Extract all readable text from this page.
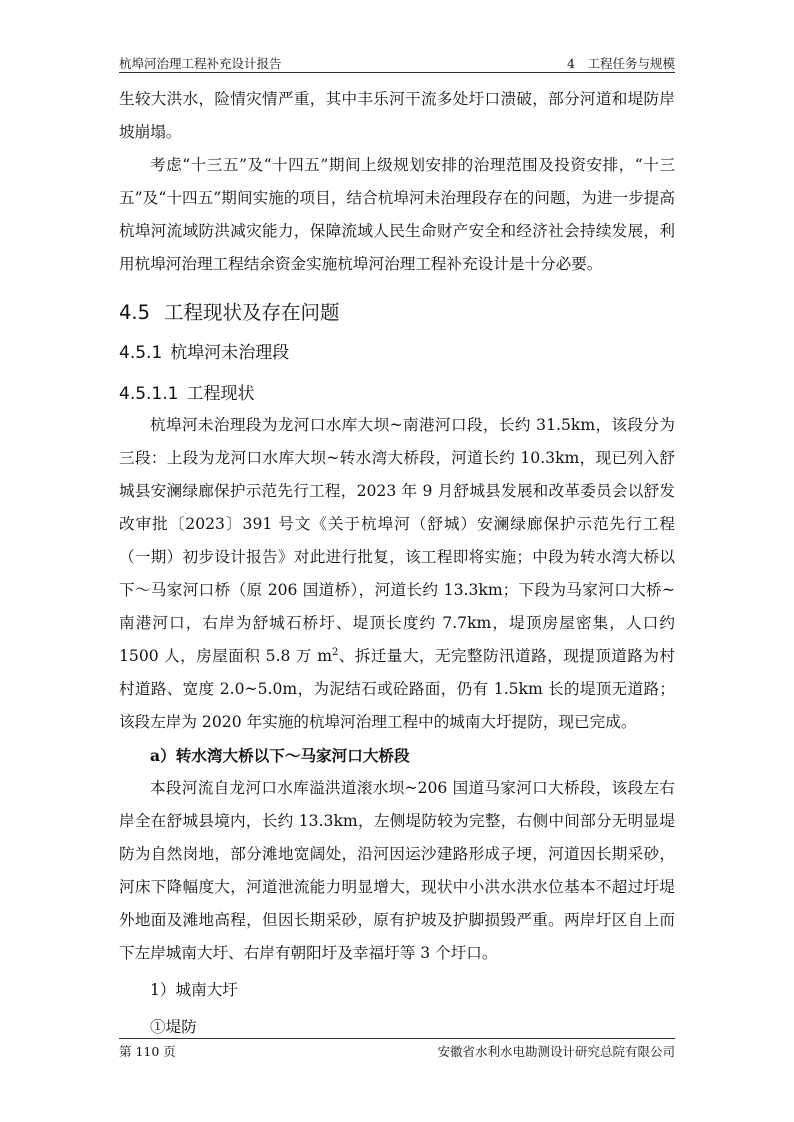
杭埠河治理工程补充设计报告	4　工程任务与规模

生较大洪水，险情灾情严重，其中丰乐河干流多处圩口溃破，部分河道和堤防岸坡崩塌。

考虑“十三五”及“十四五”期间上级规划安排的治理范围及投资安排，“十三五”及“十四五”期间实施的项目，结合杭埠河未治理段存在的问题，为进一步提高杭埠河流域防洪减灾能力，保障流域人民生命财产安全和经济社会持续发展，利用杭埠河治理工程结余资金实施杭埠河治理工程补充设计是十分必要。

4.5 工程现状及存在问题
4.5.1 杭埠河未治理段
4.5.1.1 工程现状

杭埠河未治理段为龙河口水库大坝~南港河口段，长约 31.5km，该段分为三段：上段为龙河口水库大坝~转水湾大桥段，河道长约 10.3km，现已列入舒城县安澜绿廊保护示范先行工程，2023 年 9 月舒城县发展和改革委员会以舒发改审批〔2023〕391 号文《关于杭埠河（舒城）安澜绿廊保护示范先行工程（一期）初步设计报告》对此进行批复，该工程即将实施；中段为转水湾大桥以下～马家河口桥（原 206 国道桥），河道长约 13.3km；下段为马家河口大桥~南港河口，右岸为舒城石桥圩、堤顶长度约 7.7km，堤顶房屋密集，人口约 1500 人，房屋面积 5.8 万 $m^2$、拆迁量大，无完整防汛道路，现提顶道路为村村道路、宽度 2.0~5.0m，为泥结石或砼路面，仍有 1.5km 长的堤顶无道路；该段左岸为 2020 年实施的杭埠河治理工程中的城南大圩提防，现已完成。

a）转水湾大桥以下～马家河口大桥段

本段河流自龙河口水库溢洪道滚水坝~206 国道马家河口大桥段，该段左右岸全在舒城县境内，长约 13.3km，左侧堤防较为完整，右侧中间部分无明显堤防为自然岗地，部分滩地宽阔处，沿河因运沙建路形成子埂，河道因长期采砂，河床下降幅度大，河道泄流能力明显增大，现状中小洪水洪水位基本不超过圩堤外地面及滩地高程，但因长期采砂，原有护坡及护脚损毁严重。两岸圩区自上而下左岸城南大圩、右岸有朝阳圩及幸福圩等 3 个圩口。

1）城南大圩

①堤防

第 110 页	安徽省水利水电勘测设计研究总院有限公司
